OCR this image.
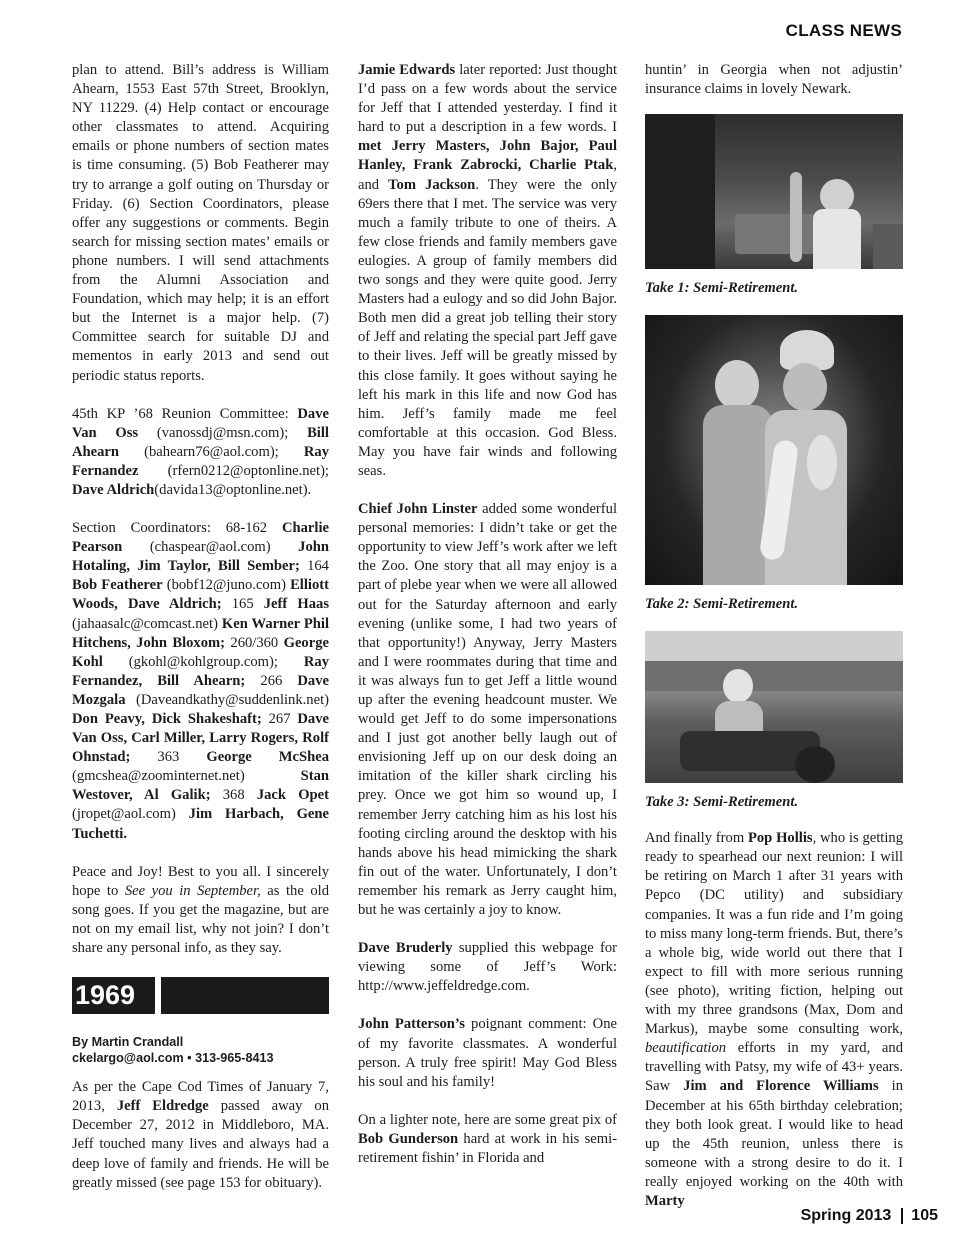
CLASS NEWS

plan to attend. Bill’s address is William Ahearn, 1553 East 57th Street, Brooklyn, NY 11229. (4) Help contact or encourage other classmates to attend. Acquiring emails or phone numbers of section mates is time consuming. (5) Bob Featherer may try to arrange a golf outing on Thursday or Friday. (6) Section Coordinators, please offer any suggestions or comments. Begin search for missing section mates’ emails or phone numbers. I will send attachments from the Alumni Association and Foundation, which may help; it is an effort but the Internet is a major help. (7) Committee search for suitable DJ and mementos in early 2013 and send out periodic status reports.

45th KP ’68 Reunion Committee: Dave Van Oss (vanossdj@msn.com); Bill Ahearn (bahearn76@aol.com); Ray Fernandez (rfern0212@optonline.net); Dave Aldrich(davida13@optonline.net).

Section Coordinators: 68-162 Charlie Pearson (chaspear@aol.com) John Hotaling, Jim Taylor, Bill Sember; 164 Bob Featherer (bobf12@juno.com) Elliott Woods, Dave Aldrich; 165 Jeff Haas (jahaasalc@comcast.net) Ken Warner Phil Hitchens, John Bloxom; 260/360 George Kohl (gkohl@kohlgroup.com); Ray Fernandez, Bill Ahearn; 266 Dave Mozgala (Daveandkathy@suddenlink.net) Don Peavy, Dick Shakeshaft; 267 Dave Van Oss, Carl Miller, Larry Rogers, Rolf Ohnstad; 363 George McShea (gmcshea@zoominternet.net) Stan Westover, Al Galik; 368 Jack Opet (jropet@aol.com) Jim Harbach, Gene Tuchetti.

Peace and Joy! Best to you all. I sincerely hope to See you in September, as the old song goes. If you get the magazine, but are not on my email list, why not join? I don’t share any personal info, as they say.

1969
By Martin Crandall
ckelargo@aol.com • 313-965-8413

As per the Cape Cod Times of January 7, 2013, Jeff Eldredge passed away on December 27, 2012 in Middleboro, MA. Jeff touched many lives and always had a deep love of family and friends. He will be greatly missed (see page 153 for obituary).

Jamie Edwards later reported: Just thought I’d pass on a few words about the service for Jeff that I attended yesterday. I find it hard to put a description in a few words. I met Jerry Masters, John Bajor, Paul Hanley, Frank Zabrocki, Charlie Ptak, and Tom Jackson. They were the only 69ers there that I met. The service was very much a family tribute to one of theirs. A few close friends and family members gave eulogies. A group of family members did two songs and they were quite good. Jerry Masters had a eulogy and so did John Bajor. Both men did a great job telling their story of Jeff and relating the special part Jeff gave to their lives. Jeff will be greatly missed by this close family. It goes without saying he left his mark in this life and now God has him. Jeff’s family made me feel comfortable at this occasion. God Bless. May you have fair winds and following seas.

Chief John Linster added some wonderful personal memories: I didn’t take or get the opportunity to view Jeff’s work after we left the Zoo. One story that all may enjoy is a part of plebe year when we were all allowed out for the Saturday afternoon and early evening (unlike some, I had two years of that opportunity!) Anyway, Jerry Masters and I were roommates during that time and it was always fun to get Jeff a little wound up after the evening headcount muster. We would get Jeff to do some impersonations and I just got another belly laugh out of envisioning Jeff up on our desk doing an imitation of the killer shark circling his prey. Once we got him so wound up, I remember Jerry catching him as his lost his footing circling around the desktop with his hands above his head mimicking the shark fin out of the water. Unfortunately, I don’t remember his remark as Jerry caught him, but he was certainly a joy to know.

Dave Bruderly supplied this webpage for viewing some of Jeff’s Work: http://www.jeffeldredge.com.

John Patterson’s poignant comment: One of my favorite classmates. A wonderful person. A truly free spirit! May God Bless his soul and his family!

On a lighter note, here are some great pix of Bob Gunderson hard at work in his semi-retirement fishin’ in Florida and

huntin’ in Georgia when not adjustin’ insurance claims in lovely Newark.

Take 1: Semi-Retirement.
Take 2: Semi-Retirement.
Take 3: Semi-Retirement.

And finally from Pop Hollis, who is getting ready to spearhead our next reunion: I will be retiring on March 1 after 31 years with Pepco (DC utility) and subsidiary companies. It was a fun ride and I’m going to miss many long-term friends. But, there’s a whole big, wide world out there that I expect to fill with more serious running (see photo), writing fiction, helping out with my three grandsons (Max, Dom and Markus), maybe some consulting work, beautification efforts in my yard, and travelling with Patsy, my wife of 43+ years. Saw Jim and Florence Williams in December at his 65th birthday celebration; they both look great. I would like to head up the 45th reunion, unless there is someone with a strong desire to do it. I really enjoyed working on the 40th with Marty

Spring 2013 105
